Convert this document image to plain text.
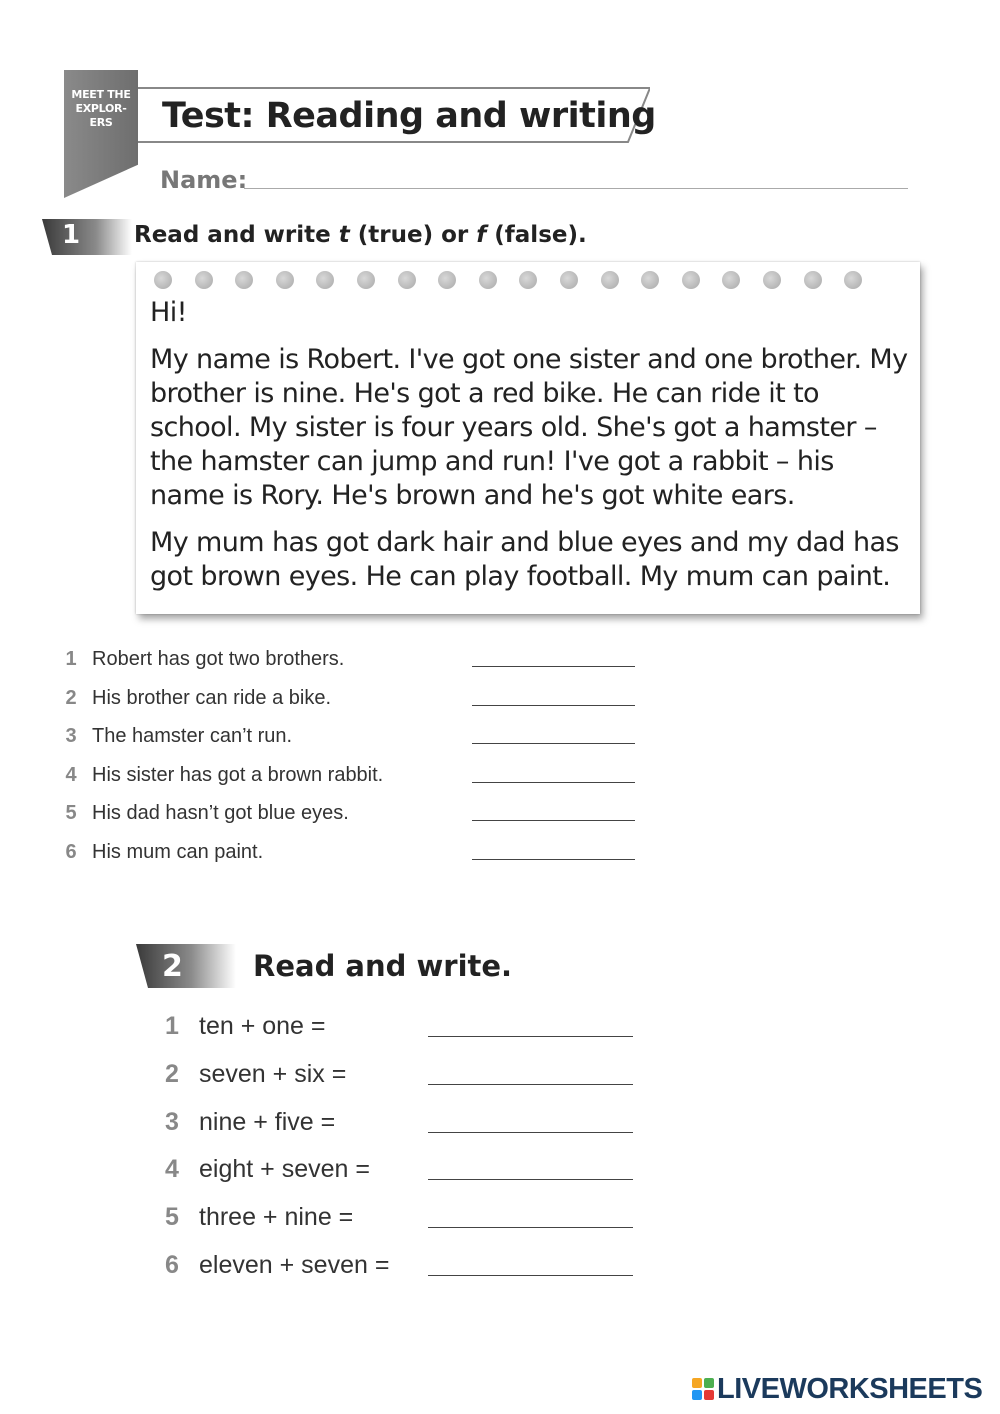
MEET THE
EXPLOR-
ERS	Test: Reading and writing
Name:
1 Read and write t (true) or f (false).

Hi!

My name is Robert. I've got one sister and one brother. My brother is nine. He's got a red bike. He can ride it to school. My sister is four years old. She's got a hamster – the hamster can jump and run! I've got a rabbit – his name is Rory. He's brown and he's got white ears.

My mum has got dark hair and blue eyes and my dad has got brown eyes. He can play football. My mum can paint.

1 Robert has got two brothers.
2 His brother can ride a bike.
3 The hamster can’t run.
4 His sister has got a brown rabbit.
5 His dad hasn’t got blue eyes.
6 His mum can paint.
2 Read and write.
1 ten + one =
2 seven + six =
3 nine + five =
4 eight + seven =
5 three + nine =
6 eleven + seven =
LIVEWORKSHEETS
